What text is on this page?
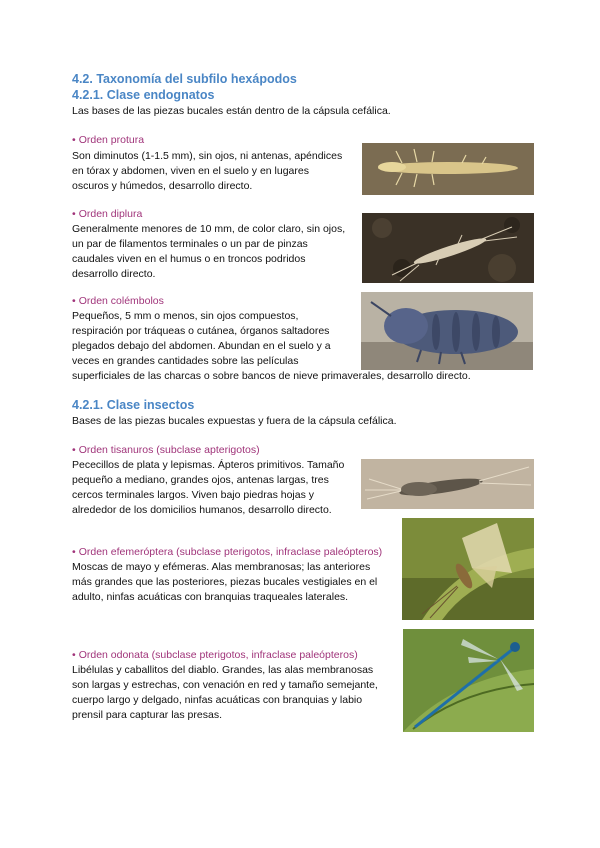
4.2. Taxonomía del subfilo hexápodos
4.2.1. Clase endognatos

Las bases de las piezas bucales están dentro de la cápsula cefálica.

• Orden protura

Son diminutos (1-1.5 mm), sin ojos, ni antenas, apéndices

en tórax y abdomen, viven en el suelo y en lugares

oscuros y húmedos, desarrollo directo.

• Orden diplura

Generalmente menores de 10 mm, de color claro, sin ojos,

un par de filamentos terminales o un par de pinzas

caudales viven en el humus o en troncos podridos

desarrollo directo.

• Orden colémbolos

Pequeños, 5 mm o menos, sin ojos compuestos,

respiración por tráqueas o cutánea, órganos saltadores

plegados debajo del abdomen. Abundan en el suelo y a

veces en grandes cantidades sobre las películas

superficiales de las charcas o sobre bancos de nieve primaverales, desarrollo directo.

4.2.1. Clase insectos

Bases de las piezas bucales expuestas y fuera de la cápsula cefálica.

• Orden tisanuros (subclase apterigotos)

Pececillos de plata y lepismas. Ápteros primitivos. Tamaño

pequeño a mediano, grandes ojos, antenas largas, tres

cercos terminales largos. Viven bajo piedras hojas y

alrededor de los domicilios humanos, desarrollo directo.

• Orden efemeróptera (subclase pterigotos, infraclase paleópteros)

Moscas de mayo y efémeras. Alas membranosas; las anteriores

más grandes que las posteriores, piezas bucales vestigiales en el

adulto, ninfas acuáticas con branquias traqueales laterales.

• Orden odonata (subclase pterigotos, infraclase paleópteros)

Libélulas y caballitos del diablo. Grandes, las alas membranosas

son largas y estrechas, con venación en red y tamaño semejante,

cuerpo largo y delgado, ninfas acuáticas con branquias y labio

prensil para capturar las presas.
